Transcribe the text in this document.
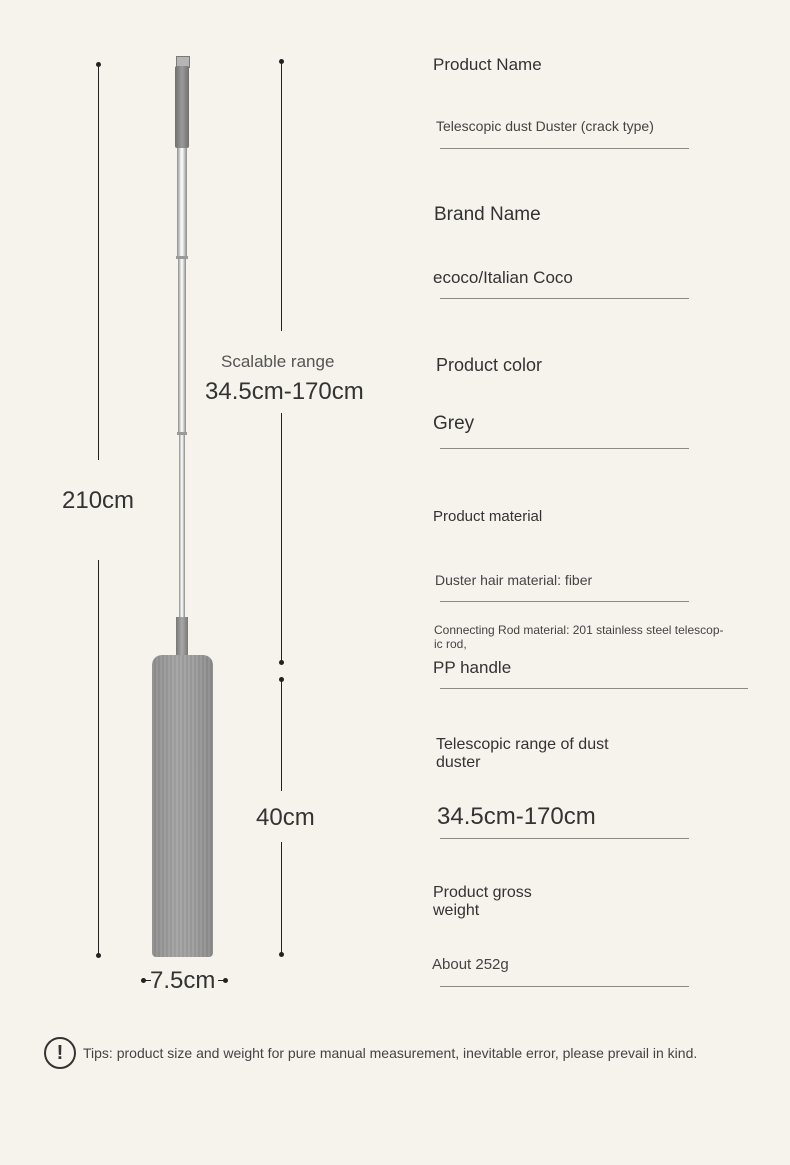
210cm
Scalable range
34.5cm-170cm
40cm
7.5cm
Product Name
Telescopic dust Duster (crack type)
Brand Name
ecoco/Italian Coco
Product color
Grey
Product material
Duster hair material: fiber
Connecting Rod material: 201 stainless steel telescop-
ic rod,
PP handle
Telescopic range of dust
duster
34.5cm-170cm
Product gross
weight
About 252g
!	Tips: product size and weight for pure manual measurement, inevitable error, please prevail in kind.
